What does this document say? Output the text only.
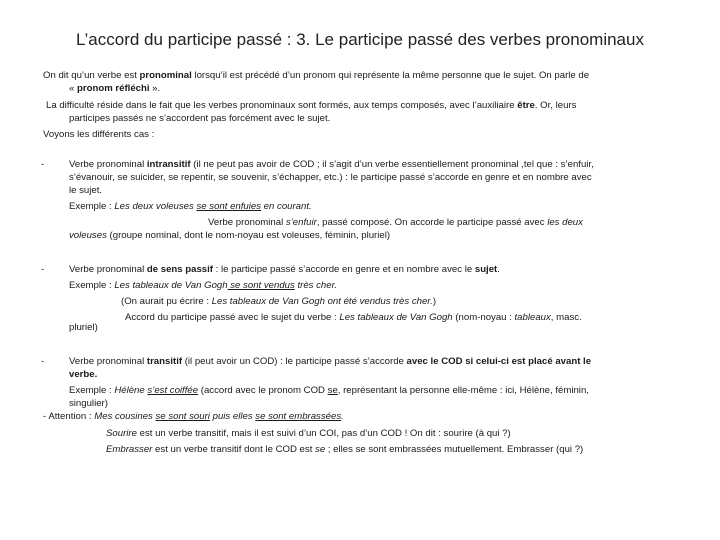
L’accord du participe passé : 3. Le participe passé des verbes pronominaux
On dit qu’un verbe est pronominal lorsqu’il est précédé d’un pronom qui représente la même personne que le sujet. On parle de
« pronom réfléchi ».
La difficulté réside dans le fait que les verbes pronominaux sont formés, aux temps composés, avec l’auxiliaire être. Or, leurs
participes passés ne s’accordent pas forcément avec le sujet.
Voyons les différents cas :
-	Verbe pronominal intransitif (il ne peut pas avoir de COD ; il s’agit d’un verbe essentiellement pronominal ,tel que : s’enfuir,
s’évanouir, se suicider, se repentir, se souvenir, s’échapper, etc.) : le participe passé s’accorde en genre et en nombre avec
le sujet.
Exemple : Les deux voleuses se sont enfuies en courant.
Verbe pronominal s’enfuir, passé composé. On accorde le participe passé avec les deux
voleuses (groupe nominal, dont le nom-noyau est voleuses, féminin, pluriel)
-	Verbe pronominal de sens passif : le participe passé s’accorde en genre et en nombre avec le sujet.
Exemple : Les tableaux de Van Gogh se sont vendus très cher.
(On aurait pu écrire : Les tableaux de Van Gogh ont été vendus très cher.)
Accord du participe passé avec le sujet du verbe : Les tableaux de Van Gogh (nom-noyau : tableaux, masc.
pluriel)
-	Verbe pronominal transitif (il peut avoir un COD) : le participe passé s’accorde avec le COD si celui-ci est placé avant le
verbe.
Exemple : Hélène s’est coiffée (accord avec le pronom COD se, représentant la personne elle-même : ici, Hélène, féminin,
singulier)
- Attention : Mes cousines se sont souri puis elles se sont embrassées.
Sourire est un verbe transitif, mais il est suivi d’un COI, pas d’un COD ! On dit : sourire (à qui ?)
Embrasser est un verbe transitif dont le COD est se ; elles se sont embrassées mutuellement. Embrasser (qui ?)
